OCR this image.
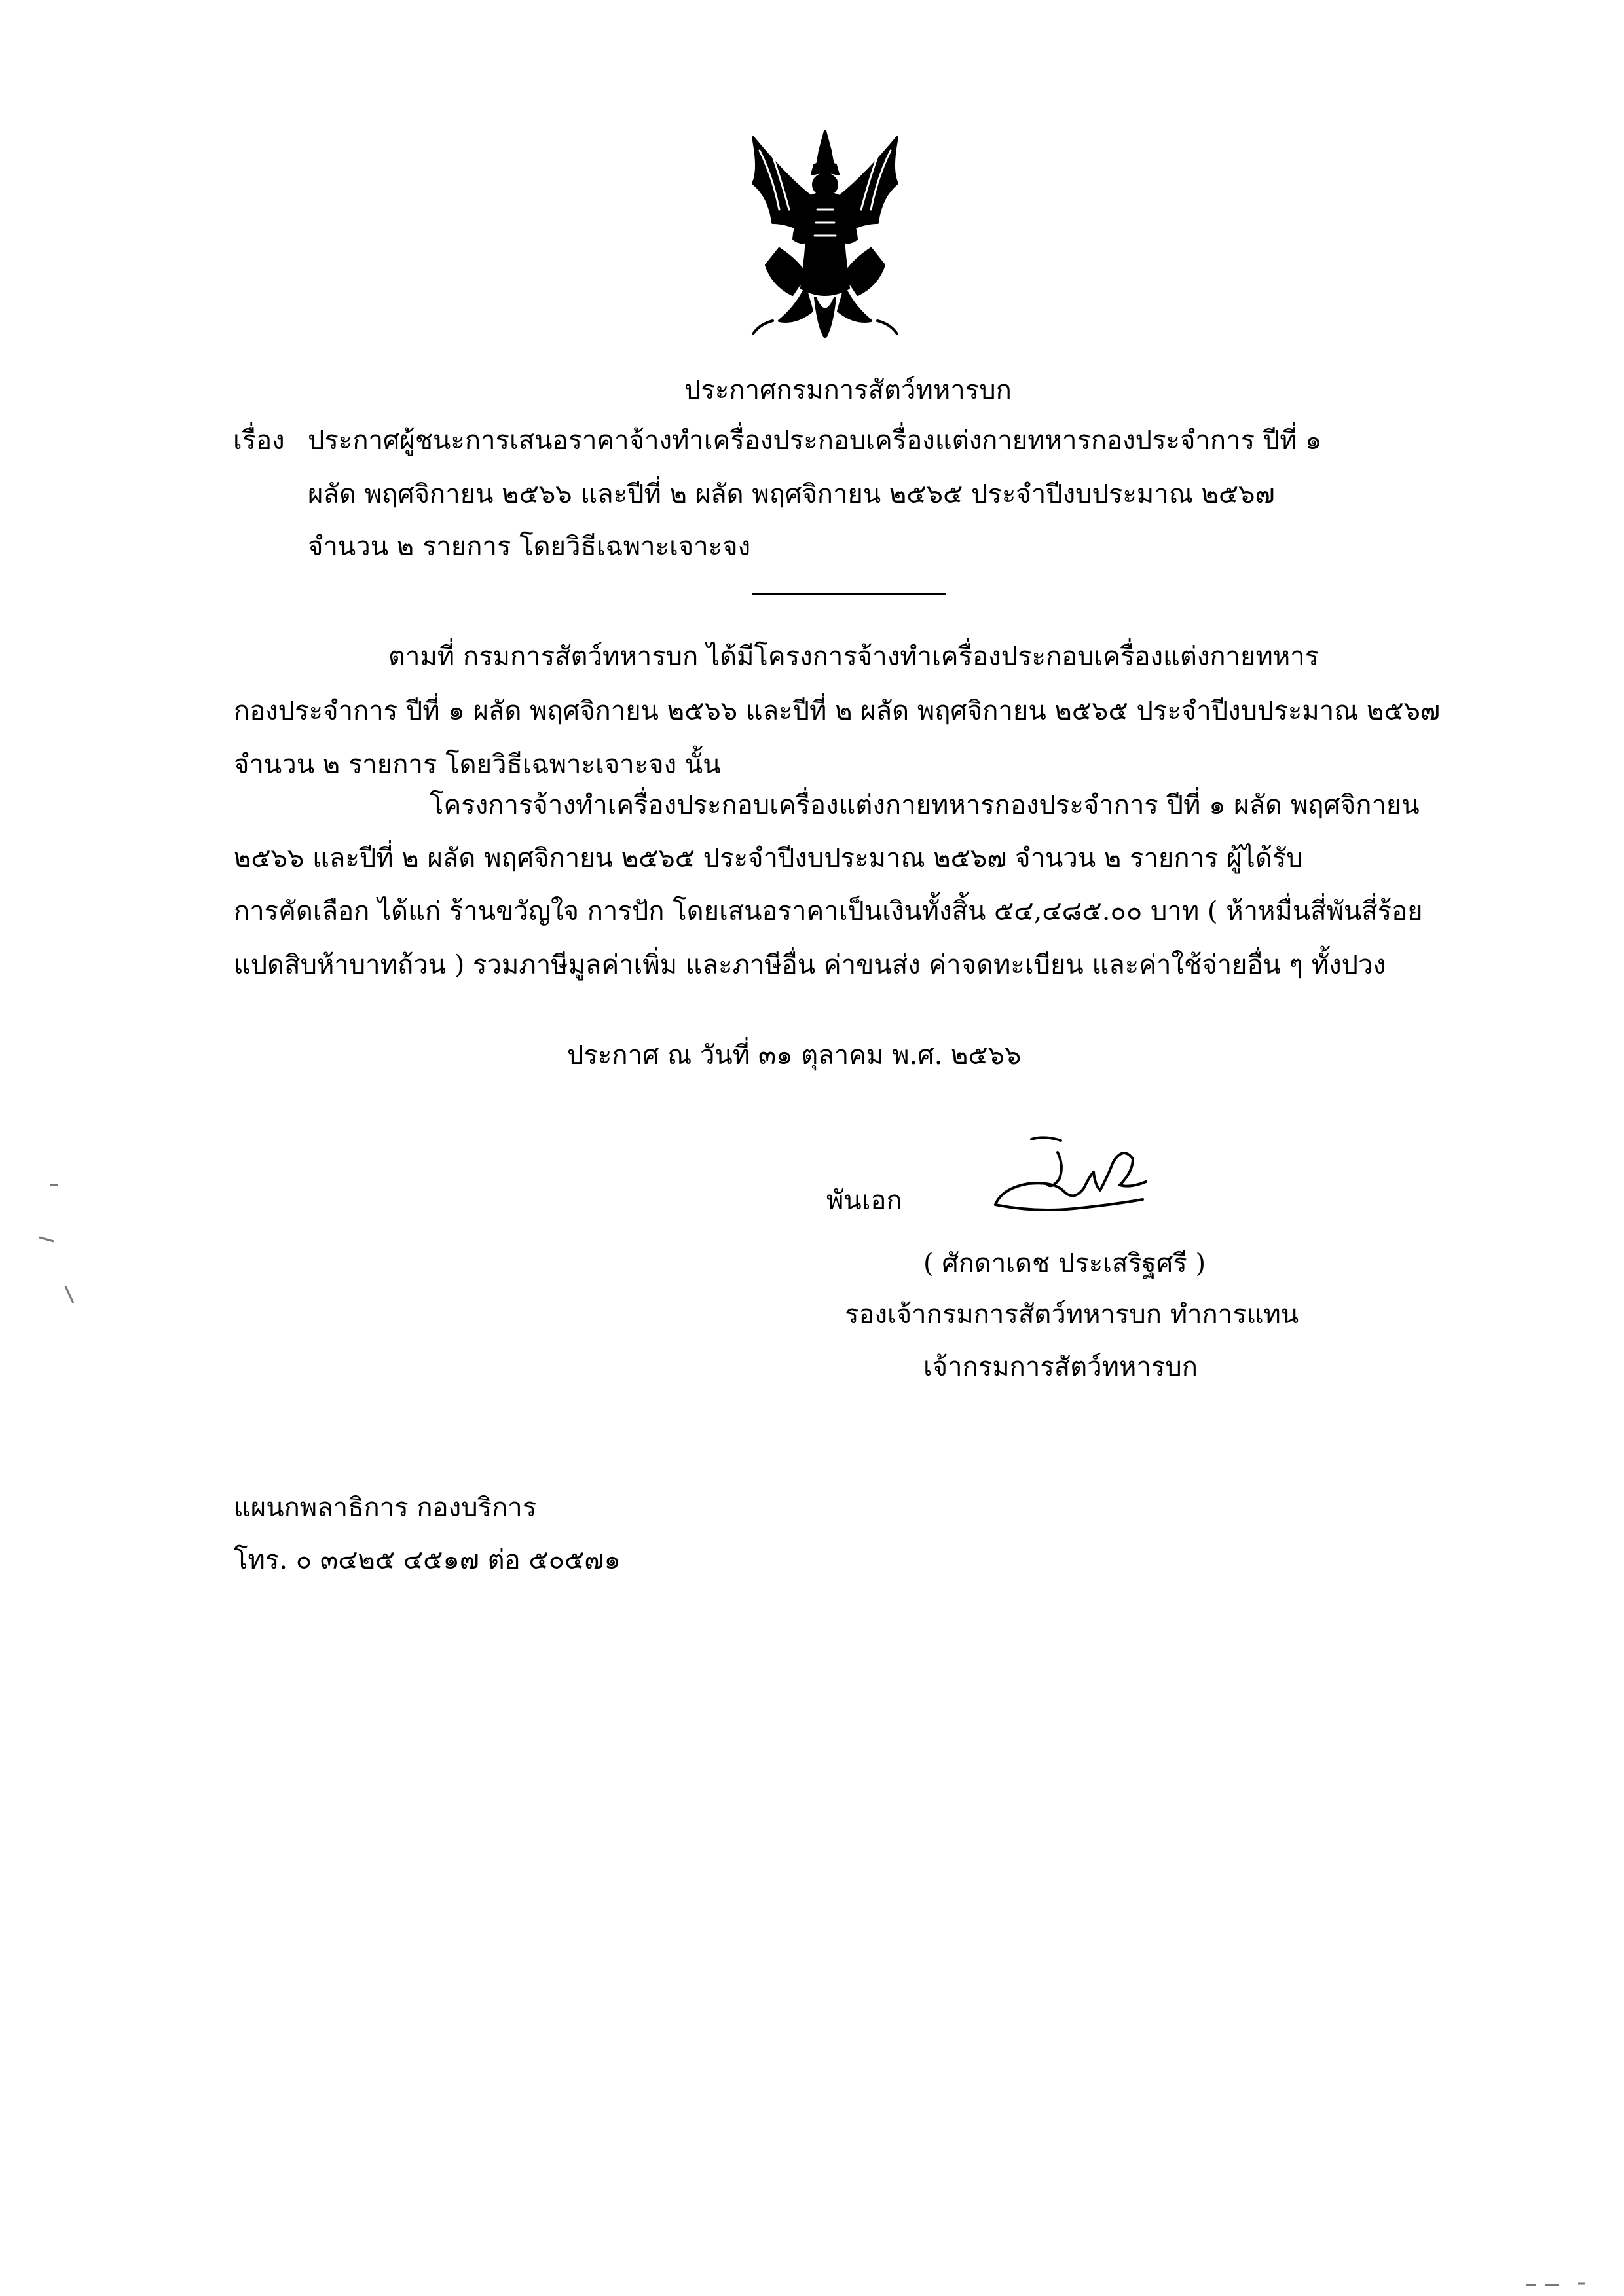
ประกาศกรมการสัตว์ทหารบก
เรื่อง ประกาศผู้ชนะการเสนอราคาจ้างทำเครื่องประกอบเครื่องแต่งกายทหารกองประจำการ ปีที่ ๑
ผลัด พฤศจิกายน ๒๕๖๖ และปีที่ ๒ ผลัด พฤศจิกายน ๒๕๖๕ ประจำปีงบประมาณ ๒๕๖๗
จำนวน ๒ รายการ โดยวิธีเฉพาะเจาะจง
ตามที่ กรมการสัตว์ทหารบก ได้มีโครงการจ้างทำเครื่องประกอบเครื่องแต่งกายทหาร
กองประจำการ ปีที่ ๑ ผลัด พฤศจิกายน ๒๕๖๖ และปีที่ ๒ ผลัด พฤศจิกายน ๒๕๖๕ ประจำปีงบประมาณ ๒๕๖๗
จำนวน ๒ รายการ โดยวิธีเฉพาะเจาะจง นั้น
โครงการจ้างทำเครื่องประกอบเครื่องแต่งกายทหารกองประจำการ ปีที่ ๑ ผลัด พฤศจิกายน
๒๕๖๖ และปีที่ ๒ ผลัด พฤศจิกายน ๒๕๖๕ ประจำปีงบประมาณ ๒๕๖๗ จำนวน ๒ รายการ ผู้ได้รับ
การคัดเลือก ได้แก่ ร้านขวัญใจ การปัก โดยเสนอราคาเป็นเงินทั้งสิ้น ๕๔,๔๘๕.๐๐ บาท ( ห้าหมื่นสี่พันสี่ร้อย
แปดสิบห้าบาทถ้วน ) รวมภาษีมูลค่าเพิ่ม และภาษีอื่น ค่าขนส่ง ค่าจดทะเบียน และค่าใช้จ่ายอื่น ๆ ทั้งปวง
ประกาศ ณ วันที่ ๓๑ ตุลาคม พ.ศ. ๒๕๖๖
พันเอก
( ศักดาเดช ประเสริฐศรี )
รองเจ้ากรมการสัตว์ทหารบก ทำการแทน
เจ้ากรมการสัตว์ทหารบก
แผนกพลาธิการ กองบริการ
โทร. ๐ ๓๔๒๕ ๔๕๑๗ ต่อ ๕๐๕๗๑
